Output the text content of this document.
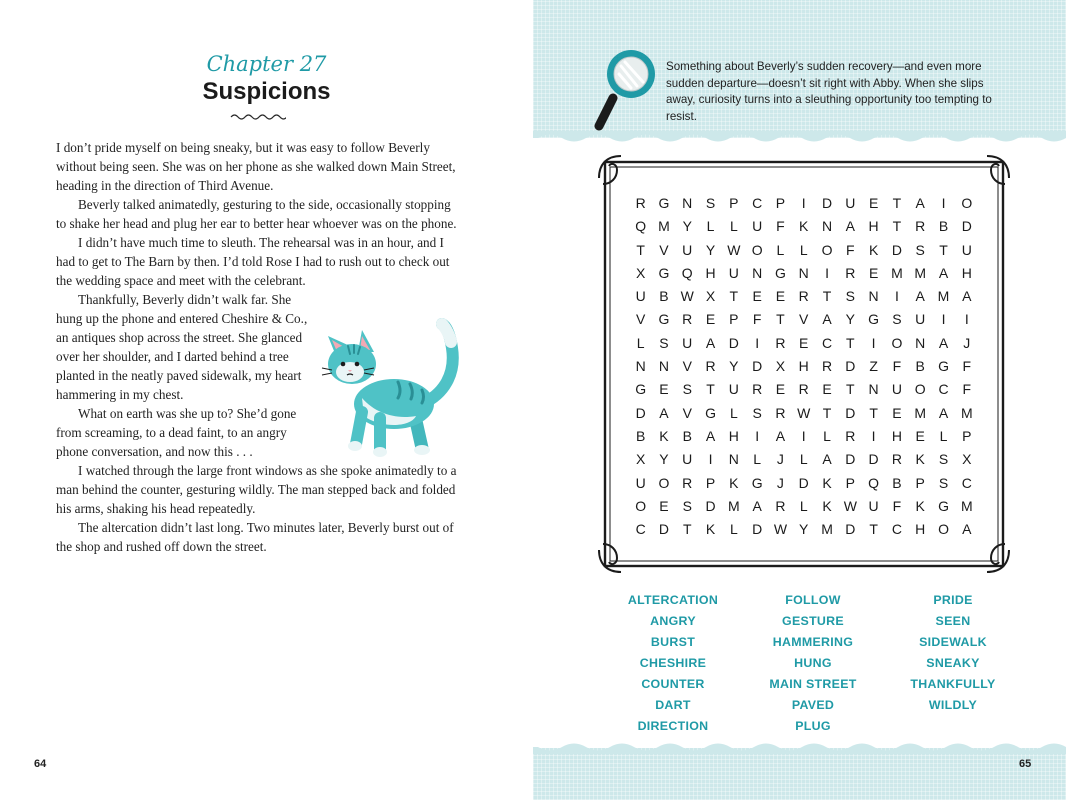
Chapter 27
Suspicions

I don’t pride myself on being sneaky, but it was easy to follow Beverly without being seen. She was on her phone as she walked down Main Street, heading in the direction of Third Avenue.

Beverly talked animatedly, gesturing to the side, occasionally stopping to shake her head and plug her ear to better hear whoever was on the phone.

I didn’t have much time to sleuth. The rehearsal was in an hour, and I had to get to The Barn by then. I’d told Rose I had to rush out to check out the wedding space and meet with the celebrant.

Thankfully, Beverly didn’t walk far. She hung up the phone and entered Cheshire & Co., an antiques shop across the street. She glanced over her shoulder, and I darted behind a tree planted in the neatly paved sidewalk, my heart hammering in my chest.

What on earth was she up to? She’d gone from screaming, to a dead faint, to an angry phone conversation, and now this . . .

I watched through the large front windows as she spoke animatedly to a man behind the counter, gesturing wildly. The man stepped back and folded his arms, shaking his head repeatedly.

The altercation didn’t last long. Two minutes later, Beverly burst out of the shop and rushed off down the street.

64
Something about Beverly’s sudden recovery—and even more sudden departure—doesn’t sit right with Abby. When she slips away, curiosity turns into a sleuthing opportunity too tempting to resist.
R G N S P C P	I	D U E	T	A	I	O
Q M Y	L	L	U F	K N A H T R B D
T	V U Y W O L	L O F	K D S	T U
X G Q H U N G N	I	R E M M A H
U B W X	T	E E R T	S N	I	A M A
V G R E P	F	T	V A Y G S U	I	I
L	S U A D	I	R E C T	I	O N A	J
N N V R Y D X H R D Z	F	B G F
G E S	T U R E R E	T N U O C F
D A V G L	S R W T D T	E M A M
B K B A H	I	A	I	L	R	I	H E	L	P
X Y U	I	N	L	J	L	A D D R K S X
U O R P K G	J	D K P Q B P S C
O E S D M A R	L	K W U F	K G M
C D T	K	L	D W Y M D T C H O A
ALTERCATION
ANGRY
BURST
CHESHIRE
COUNTER
DART
DIRECTION
FOLLOW
GESTURE
HAMMERING
HUNG
MAIN STREET
PAVED
PLUG
PRIDE
SEEN
SIDEWALK
SNEAKY
THANKFULLY
WILDLY
65
